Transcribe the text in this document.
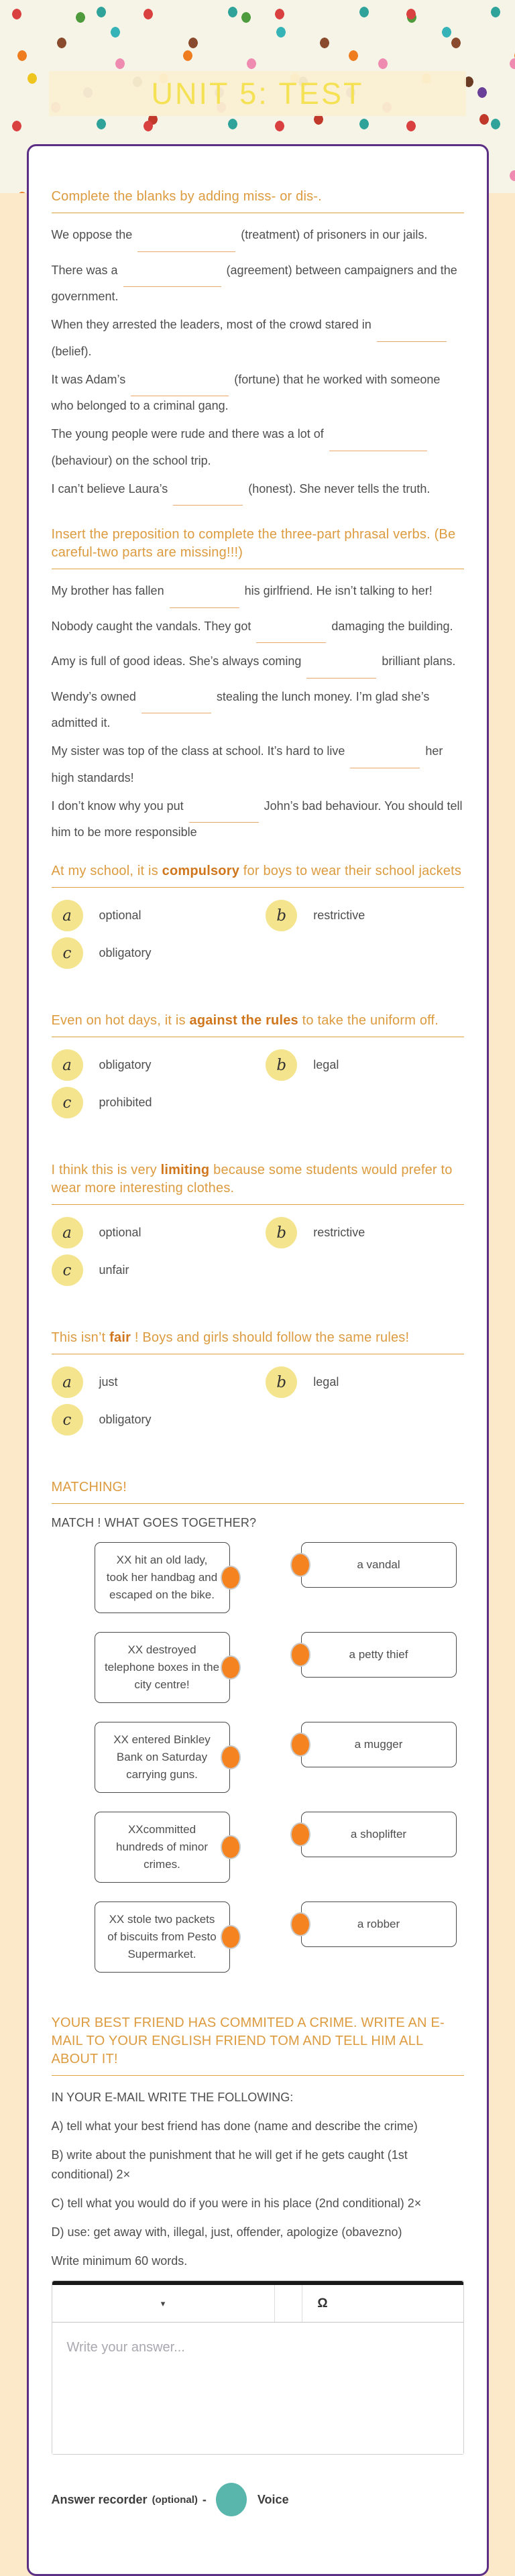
UNIT 5: TEST
Complete the blanks by adding miss- or dis-.

We oppose the	(treatment) of prisoners in our jails.

There was a	(agreement) between campaigners and the government.

When they arrested the leaders, most of the crowd stared in(belief).

It was Adam’s	(fortune) that he worked with someone who belonged to a criminal gang.

The young people were rude and there was a lot of(behaviour) on the school trip.

I can’t believe Laura’s	(honest). She never tells the truth.

Insert the preposition to complete the three-part phrasal verbs. (Be careful-two parts are missing!!!)

My brother has fallen	his girlfriend. He isn’t talking to her!

Nobody caught the vandals. They got	damaging the building.

Amy is full of good ideas. She’s always coming	brilliant plans.

Wendy’s owned	stealing the lunch money. I’m glad she’s admitted it.

My sister was top of the class at school. It’s hard to live	her high standards!

I don’t know why you put	John’s bad behaviour. You should tell him to be more responsible

At my school, it is compulsory for boys to wear their school jackets
a	optional	b	restrictive
c	obligatory
Even on hot days, it is against the rules to take the uniform off.
a	obligatory	b	legal
c	prohibited
I think this is very limiting because some students would prefer to wear more interesting clothes.
a	optional	b	restrictive
c	unfair
This isn’t fair ! Boys and girls should follow the same rules!
a	just	b	legal
c	obligatory
MATCHING!

MATCH ! WHAT GOES TOGETHER?

XX hit an old lady, took her handbag and escaped on the bike.
a vandal
XX destroyed telephone boxes in the city centre!
a petty thief
XX entered Binkley Bank on Saturday carrying guns.
a mugger
XXcommitted hundreds of minor crimes.
a shoplifter
XX stole two packets of biscuits from Pesto Supermarket.
a robber
YOUR BEST FRIEND HAS COMMITED A CRIME. WRITE AN E-MAIL TO YOUR ENGLISH FRIEND TOM AND TELL HIM ALL ABOUT IT!

IN YOUR E-MAIL WRITE THE FOLLOWING:

A) tell what your best friend has done (name and describe the crime)

B) write about the punishment that he will get if he gets caught (1st conditional) 2×

C) tell what you would do if you were in his place (2nd conditional) 2×

D) use: get away with, illegal, just, offender, apologize (obavezno)

Write minimum 60 words.

▾	Ω
Write your answer...
Answer recorder (optional) -	Voice
